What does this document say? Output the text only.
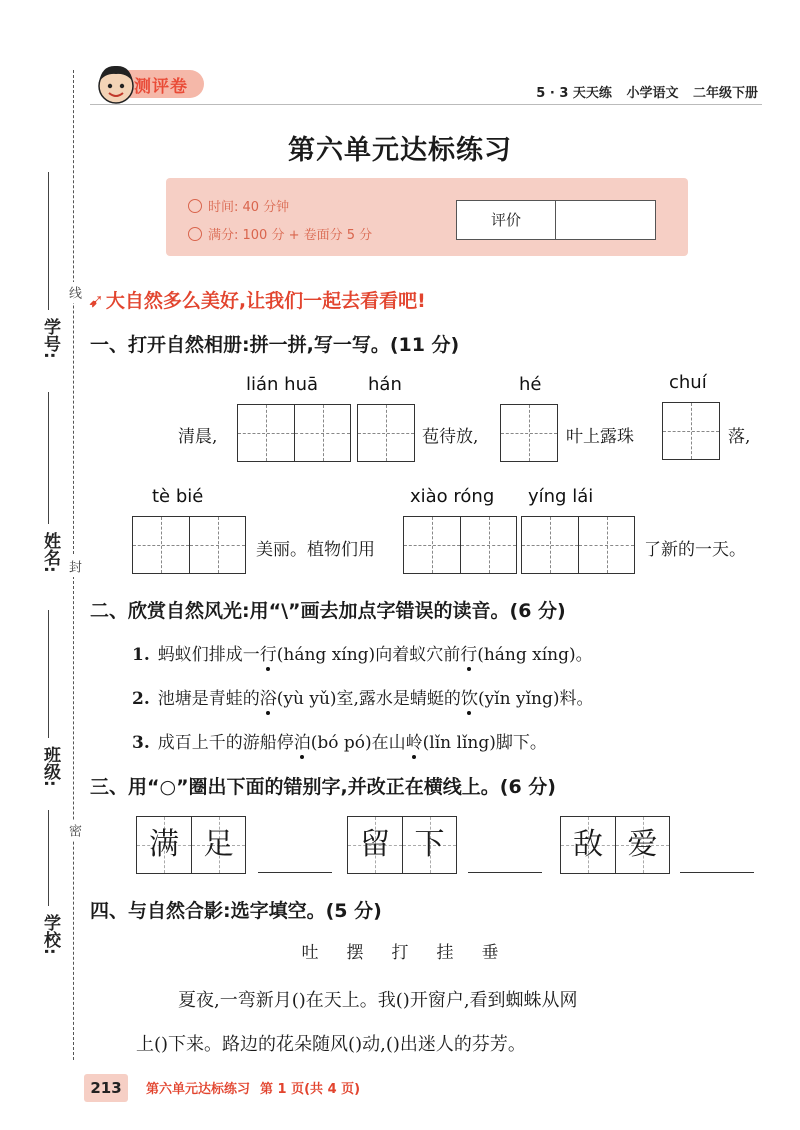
线
封
密
学号:
姓名:
班级:
学校:
测评卷	5 · 3 天天练 小学语文 二年级下册
第六单元达标练习
时间: 40 分钟
满分: 100 分 + 卷面分 5 分
评价
➹ 大自然多么美好,让我们一起去看看吧!
一、打开自然相册:拼一拼,写一写。(11 分)
lián huā	hán	hé	chuí
清晨,	苞待放,	叶上露珠	落,
tè bié	xiào róng yíng lái
美丽。植物们用	了新的一天。
二、欣赏自然风光:用“\”画去加点字错误的读音。(6 分)
1. 蚂蚁们排成一行(háng xíng)向着蚁穴前行(háng xíng)。
2. 池塘是青蛙的浴(yù yǔ)室,露水是蜻蜓的饮(yǐn yǐng)料。
3. 成百上千的游船停泊(bó pó)在山岭(lǐn lǐng)脚下。
三、用“○”圈出下面的错别字,并改正在横线上。(6 分)
满 足	留 下	敌 爱
四、与自然合影:选字填空。(5 分)
吐 摆 打 挂 垂
夏夜,一弯新月()在天上。我()开窗户,看到蜘蛛从网
上()下来。路边的花朵随风()动,()出迷人的芬芳。
213	第六单元达标练习 第 1 页(共 4 页)
